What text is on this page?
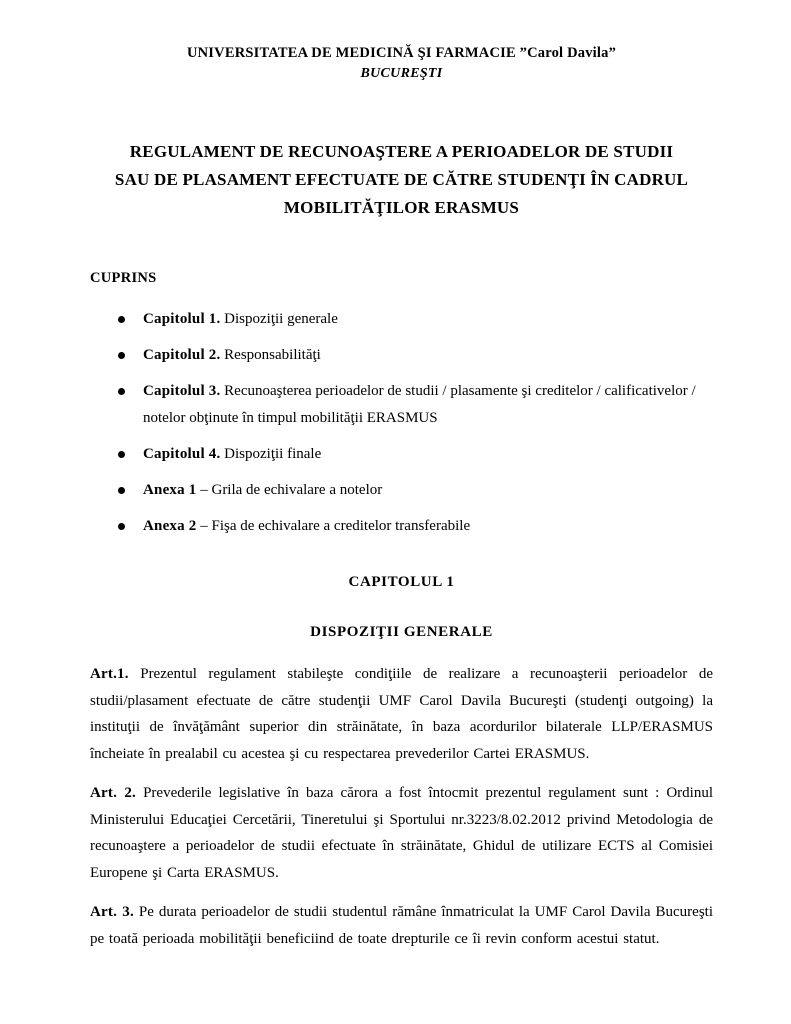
UNIVERSITATEA DE MEDICINĂ ŞI FARMACIE ”Carol Davila”
BUCUREŞTI
REGULAMENT DE RECUNOAŞTERE A PERIOADELOR DE STUDII
SAU DE PLASAMENT EFECTUATE DE CĂTRE STUDENŢI ÎN CADRUL
MOBILITĂŢILOR ERASMUS
CUPRINS
Capitolul 1. Dispoziţii generale
Capitolul 2. Responsabilităţi
Capitolul 3. Recunoaşterea perioadelor de studii / plasamente şi creditelor / calificativelor / notelor obţinute în timpul mobilităţii ERASMUS
Capitolul 4. Dispoziţii finale
Anexa 1 – Grila de echivalare a notelor
Anexa 2 – Fişa de echivalare a creditelor transferabile
CAPITOLUL 1
DISPOZIŢII GENERALE

Art.1. Prezentul regulament stabileşte condiţiile de realizare a recunoaşterii perioadelor de studii/plasament efectuate de către studenţii UMF Carol Davila Bucureşti (studenţi outgoing) la instituţii de învăţământ superior din străinătate, în baza acordurilor bilaterale LLP/ERASMUS încheiate în prealabil cu acestea şi cu respectarea prevederilor Cartei ERASMUS.

Art. 2. Prevederile legislative în baza cărora a fost întocmit prezentul regulament sunt : Ordinul Ministerului Educaţiei Cercetării, Tineretului şi Sportului nr.3223/8.02.2012 privind Metodologia de recunoaştere a perioadelor de studii efectuate în străinătate, Ghidul de utilizare ECTS al Comisiei Europene şi Carta ERASMUS.

Art. 3. Pe durata perioadelor de studii studentul rămâne înmatriculat la UMF Carol Davila Bucureşti pe toată perioada mobilităţii beneficiind de toate drepturile ce îi revin conform acestui statut.
